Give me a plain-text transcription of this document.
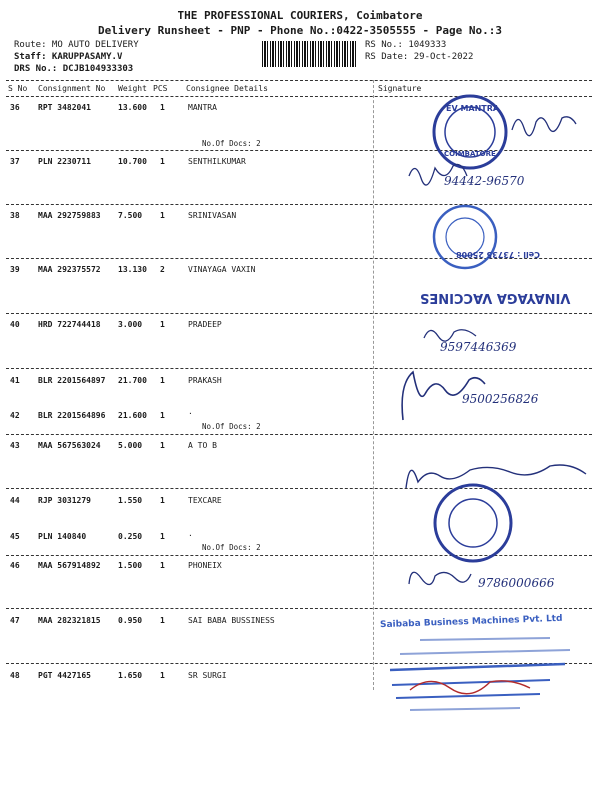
THE PROFESSIONAL COURIERS, Coimbatore
Delivery Runsheet - PNP - Phone No.:0422-3505555 - Page No.:3
Route: MO AUTO DELIVERY
Staff: KARUPPASAMY.V
DRS No.: DCJB104933303
RS No.: 1049333
RS Date: 29-Oct-2022
S No Consignment No Weight PCS Consignee Details	Signature
36 RPT 3482041	13.600 1	MANTRA
No.Of Docs: 2
37 PLN 2230711	10.700 1	SENTHILKUMAR
38 MAA 292759883 7.500 1	SRINIVASAN
39 MAA 292375572 13.130 2	VINAYAGA VAXIN
40 HRD 722744418 3.000 1	PRADEEP
41 BLR 2201564897 21.700 1	PRAKASH
42 BLR 2201564896 21.600 1	.
No.Of Docs: 2
43 MAA 567563024 5.000 1	A TO B
44 RJP 3031279	1.550 1	TEXCARE
45 PLN 140840	0.250 1	.
No.Of Docs: 2
46 MAA 567914892 1.500 1	PHONEIX
47 MAA 282321815 0.950 1	SAI BABA BUSSINESS
48 PGT 4427165	1.650 1	SR SURGI
EV MANTRA
COIMBATORE
94442-96570
Cell : 73735 25008
VINAYAGA VACCINES
9597446369
9500256826
9786000666
Saibaba Business Machines Pvt. Ltd
